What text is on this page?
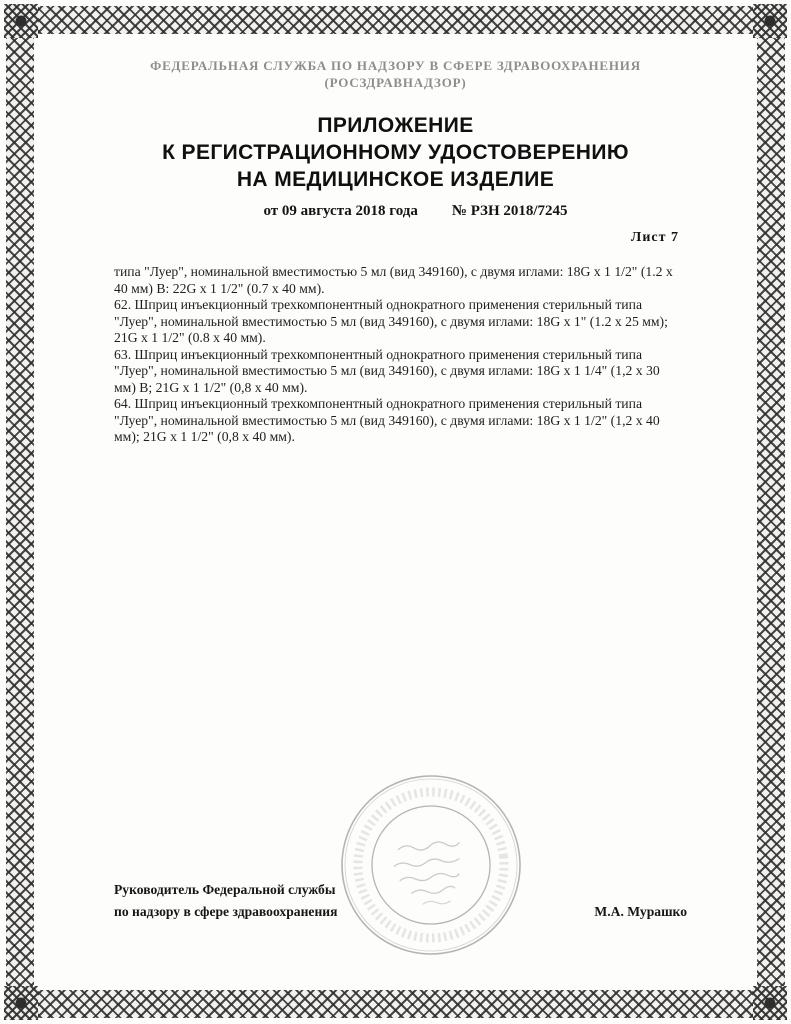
ФЕДЕРАЛЬНАЯ СЛУЖБА ПО НАДЗОРУ В СФЕРЕ ЗДРАВООХРАНЕНИЯ
(РОСЗДРАВНАДЗОР)
ПРИЛОЖЕНИЕ
К РЕГИСТРАЦИОННОМУ УДОСТОВЕРЕНИЮ
НА МЕДИЦИНСКОЕ ИЗДЕЛИЕ
от 09 августа 2018 года № РЗН 2018/7245
Лист 7

типа "Луер", номинальной вместимостью 5 мл (вид 349160), с двумя иглами: 18G x 1 1/2" (1.2 x 40 мм) В: 22G x 1 1/2" (0.7 x 40 мм).

62. Шприц инъекционный трехкомпонентный однократного применения стерильный типа "Луер", номинальной вместимостью 5 мл (вид 349160), с двумя иглами: 18G x 1" (1.2 x 25 мм); 21G x 1 1/2" (0.8 x 40 мм).

63. Шприц инъекционный трехкомпонентный однократного применения стерильный типа "Луер", номинальной вместимостью 5 мл (вид 349160), с двумя иглами: 18G x 1 1/4" (1,2 x 30 мм) В; 21G x 1 1/2" (0,8 x 40 мм).

64. Шприц инъекционный трехкомпонентный однократного применения стерильный типа "Луер", номинальной вместимостью 5 мл (вид 349160), с двумя иглами: 18G x 1 1/2" (1,2 x 40 мм); 21G x 1 1/2" (0,8 x 40 мм).

Руководитель Федеральной службы
по надзору в сфере здравоохранения	М.А. Мурашко
